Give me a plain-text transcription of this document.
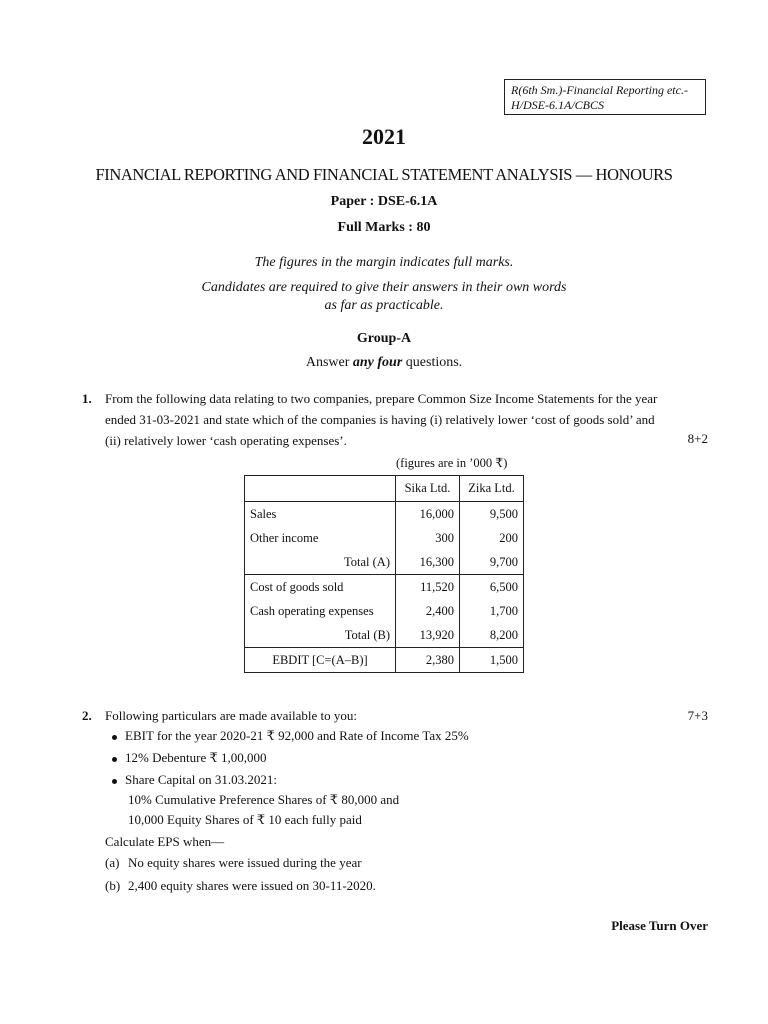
R(6th Sm.)-Financial Reporting etc.-
H/DSE-6.1A/CBCS
2021
FINANCIAL REPORTING AND FINANCIAL STATEMENT ANALYSIS — HONOURS
Paper : DSE-6.1A
Full Marks : 80
The figures in the margin indicates full marks.
Candidates are required to give their answers in their own words
as far as practicable.
Group-A
Answer any four questions.
1. From the following data relating to two companies, prepare Common Size Income Statements for the year
ended 31-03-2021 and state which of the companies is having (i) relatively lower ‘cost of goods sold’ and
(ii) relatively lower ‘cash operating expenses’.	8+2
(figures are in ’000 ₹)
	Sika Ltd.	Zika Ltd.
Sales	16,000	9,500
Other income	300	200
Total (A)	16,300	9,700
Cost of goods sold	11,520	6,500
Cash operating expenses	2,400	1,700
Total (B)	13,920	8,200
EBDIT [C=(A–B)]	2,380	1,500
2. Following particulars are made available to you:	7+3
EBIT for the year 2020-21 ₹ 92,000 and Rate of Income Tax 25%
12% Debenture ₹ 1,00,000
Share Capital on 31.03.2021:
10% Cumulative Preference Shares of ₹ 80,000 and
10,000 Equity Shares of ₹ 10 each fully paid
Calculate EPS when—
(a) No equity shares were issued during the year
(b) 2,400 equity shares were issued on 30-11-2020.
Please Turn Over
